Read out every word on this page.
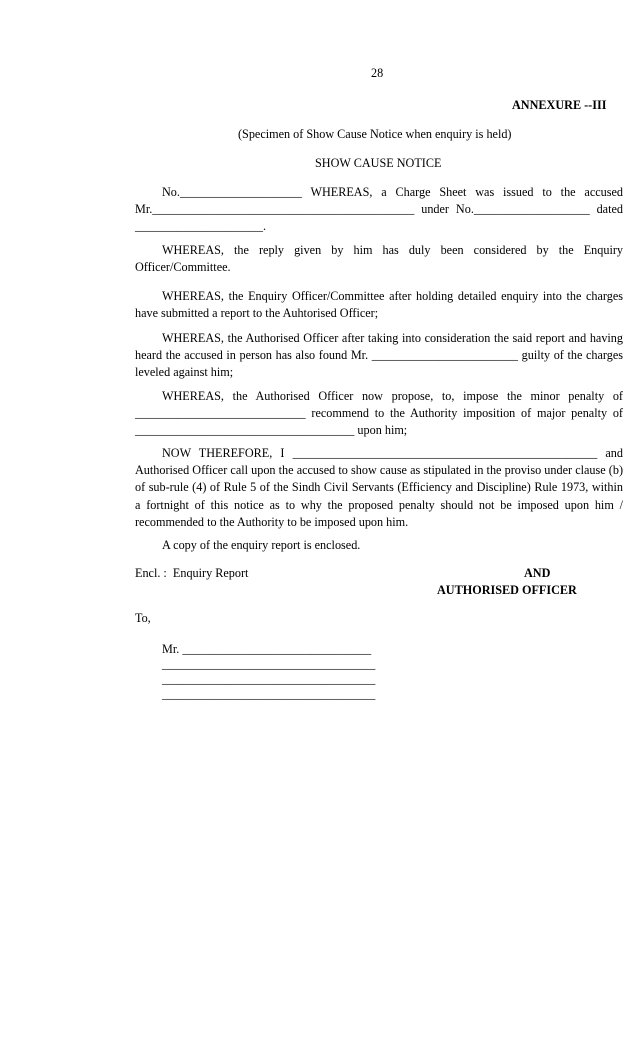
28
ANNEXURE --III
(Specimen of Show Cause Notice when enquiry is held)
SHOW CAUSE NOTICE
No.____________________ WHEREAS, a Charge Sheet was issued to the accused Mr.___________________________________________ under No.___________________ dated _____________________.
WHEREAS, the reply given by him has duly been considered by the Enquiry Officer/Committee.
WHEREAS, the Enquiry Officer/Committee after holding detailed enquiry into the charges have submitted a report to the Auhtorised Officer;
WHEREAS, the Authorised Officer after taking into consideration the said report and having heard the accused in person has also found Mr. ________________________ guilty of the charges leveled against him;
WHEREAS, the Authorised Officer now propose, to, impose the minor penalty of ____________________________ recommend to the Authority imposition of major penalty of ____________________________________ upon him;
NOW THEREFORE, I __________________________________________________ and Authorised Officer call upon the accused to show cause as stipulated in the proviso under clause (b) of sub-rule (4) of Rule 5 of the Sindh Civil Servants (Efficiency and Discipline) Rule 1973, within a fortnight of this notice as to why the proposed penalty should not be imposed upon him / recommended to the Authority to be imposed upon him.
A copy of the enquiry report is enclosed.
Encl. :  Enquiry Report	AND
AUTHORISED OFFICER
To,
Mr. _______________________________
___________________________________
___________________________________
___________________________________
